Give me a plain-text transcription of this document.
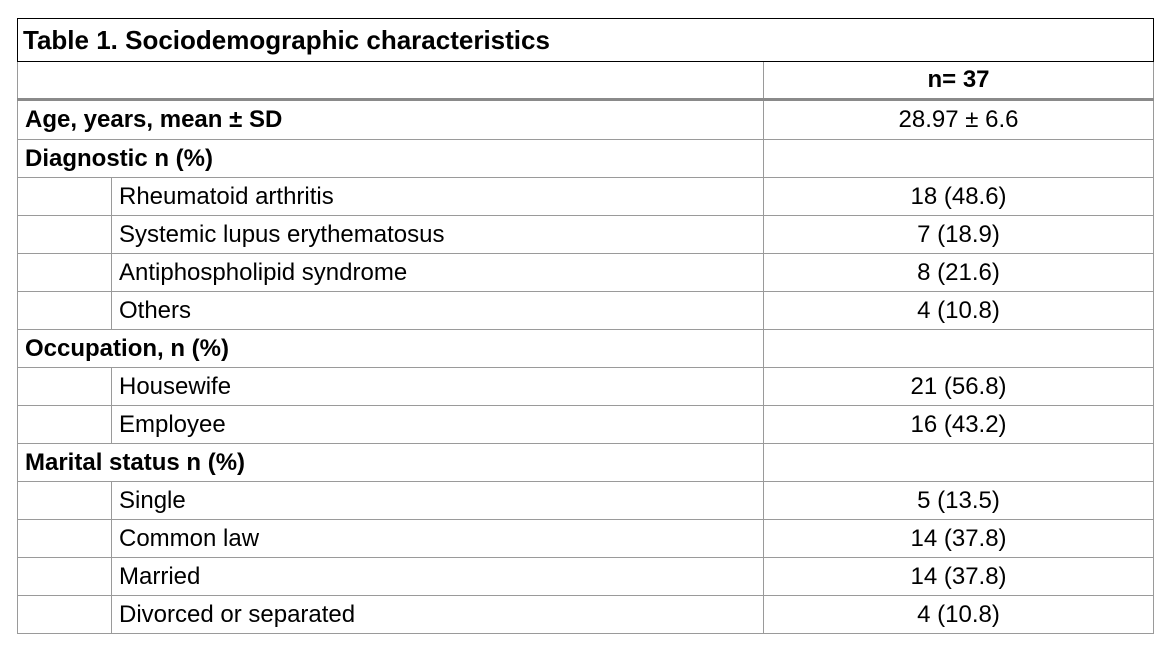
Table 1. Sociodemographic characteristics		
		n= 37
Age, years, mean ± SD		28.97 ± 6.6
Diagnostic n (%)		
	Rheumatoid arthritis	18 (48.6)
	Systemic lupus erythematosus	7 (18.9)
	Antiphospholipid syndrome	8 (21.6)
	Others	4 (10.8)
Occupation, n (%)		
	Housewife	21 (56.8)
	Employee	16 (43.2)
Marital status n (%)		
	Single	5 (13.5)
	Common law	14 (37.8)
	Married	14 (37.8)
	Divorced or separated	4 (10.8)
